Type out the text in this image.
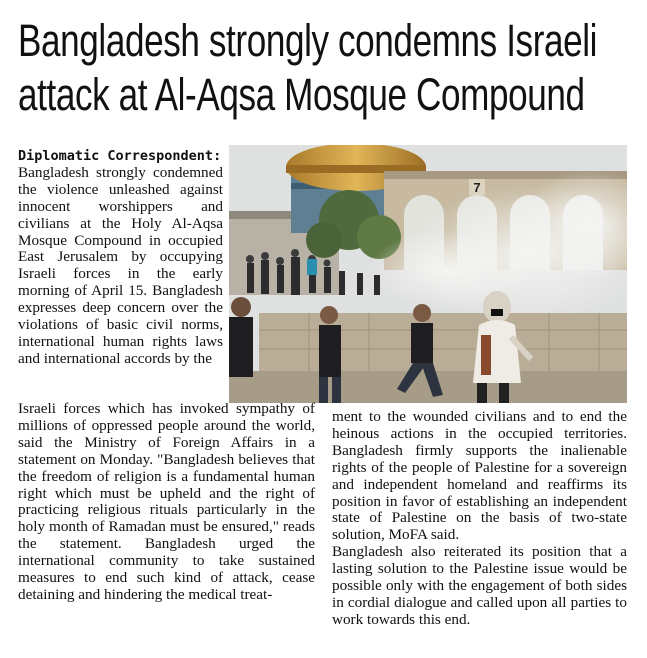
Bangladesh strongly condemns Israeli
attack at Al-Aqsa Mosque Compound

Diplomatic Correspondent:
Bangladesh strongly condemned the violence unleashed against innocent worshippers and civilians at the Holy Al-Aqsa Mosque Compound in occupied East Jerusalem by occupying Israeli forces in the early morning of April 15. Bangladesh expresses deep concern over the violations of basic civil norms, international human rights laws and international accords by the

7

Israeli forces which has invoked sympathy of millions of oppressed people around the world, said the Ministry of Foreign Affairs in a statement on Monday. "Bangladesh believes that the freedom of religion is a fundamental human right which must be upheld and the right of practicing religious rituals particularly in the holy month of Ramadan must be ensured," reads the statement. Bangladesh urged the international community to take sustained measures to end such kind of attack, cease detaining and hindering the medical treat-

ment to the wounded civilians and to end the heinous actions in the occupied territories. Bangladesh firmly supports the inalienable rights of the people of Palestine for a sovereign and independent homeland and reaffirms its position in favor of establishing an independent state of Palestine on the basis of two-state solution, MoFA said.

Bangladesh also reiterated its position that a lasting solution to the Palestine issue would be possible only with the engagement of both sides in cordial dialogue and called upon all parties to work towards this end.
